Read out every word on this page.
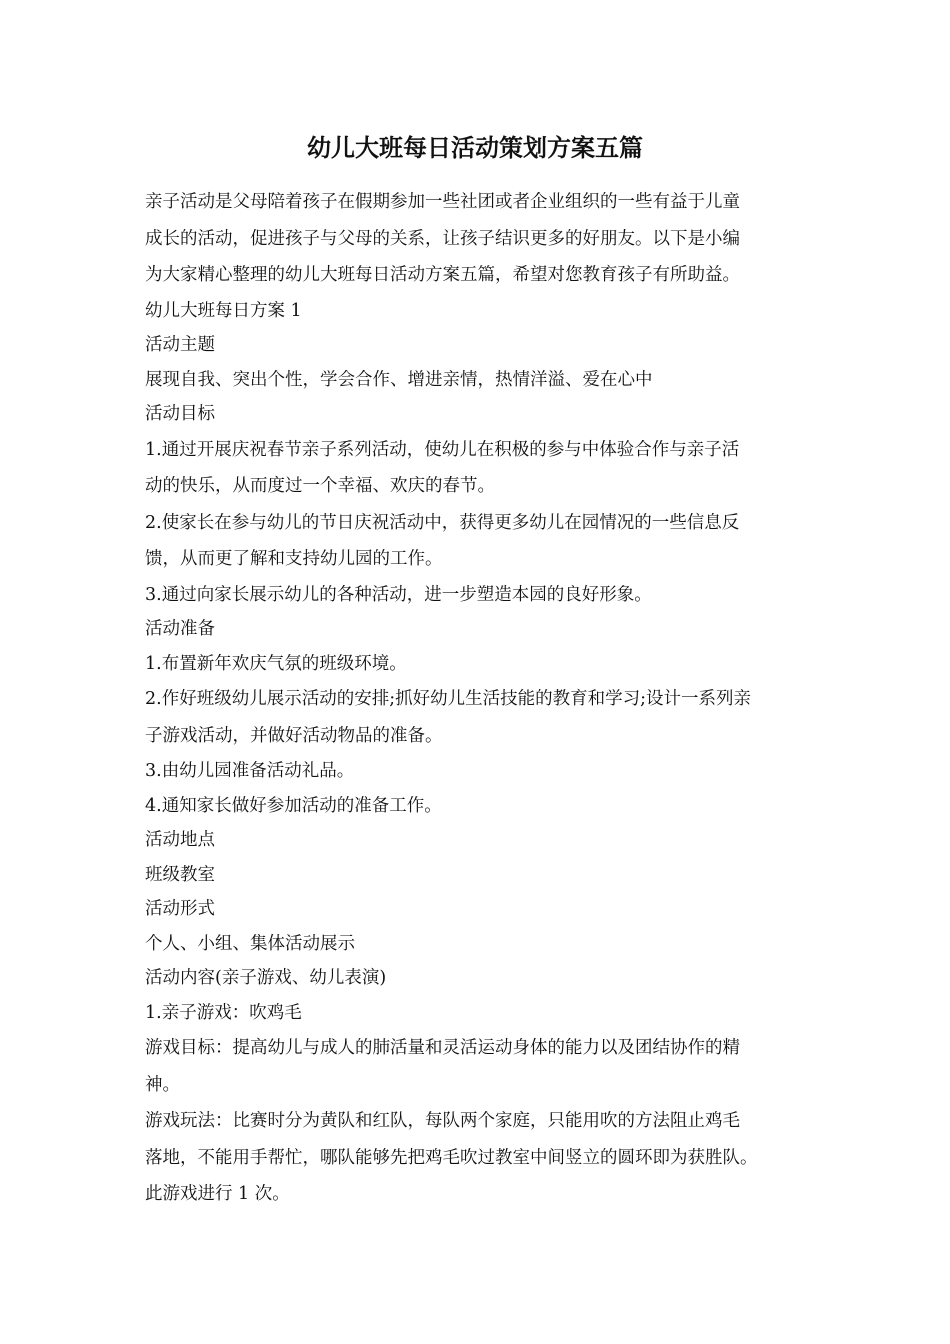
幼儿大班每日活动策划方案五篇
亲子活动是父母陪着孩子在假期参加一些社团或者企业组织的一些有益于儿童
成长的活动，促进孩子与父母的关系，让孩子结识更多的好朋友。以下是小编
为大家精心整理的幼儿大班每日活动方案五篇，希望对您教育孩子有所助益。
幼儿大班每日方案 1
活动主题
展现自我、突出个性，学会合作、增进亲情，热情洋溢、爱在心中
活动目标
1.通过开展庆祝春节亲子系列活动，使幼儿在积极的参与中体验合作与亲子活
动的快乐，从而度过一个幸福、欢庆的春节。
2.使家长在参与幼儿的节日庆祝活动中，获得更多幼儿在园情况的一些信息反
馈，从而更了解和支持幼儿园的工作。
3.通过向家长展示幼儿的各种活动，进一步塑造本园的良好形象。
活动准备
1.布置新年欢庆气氛的班级环境。
2.作好班级幼儿展示活动的安排;抓好幼儿生活技能的教育和学习;设计一系列亲
子游戏活动，并做好活动物品的准备。
3.由幼儿园准备活动礼品。
4.通知家长做好参加活动的准备工作。
活动地点
班级教室
活动形式
个人、小组、集体活动展示
活动内容(亲子游戏、幼儿表演)
1.亲子游戏：吹鸡毛
游戏目标：提高幼儿与成人的肺活量和灵活运动身体的能力以及团结协作的精
神。
游戏玩法：比赛时分为黄队和红队，每队两个家庭，只能用吹的方法阻止鸡毛
落地，不能用手帮忙，哪队能够先把鸡毛吹过教室中间竖立的圆环即为获胜队。
此游戏进行 1 次。
